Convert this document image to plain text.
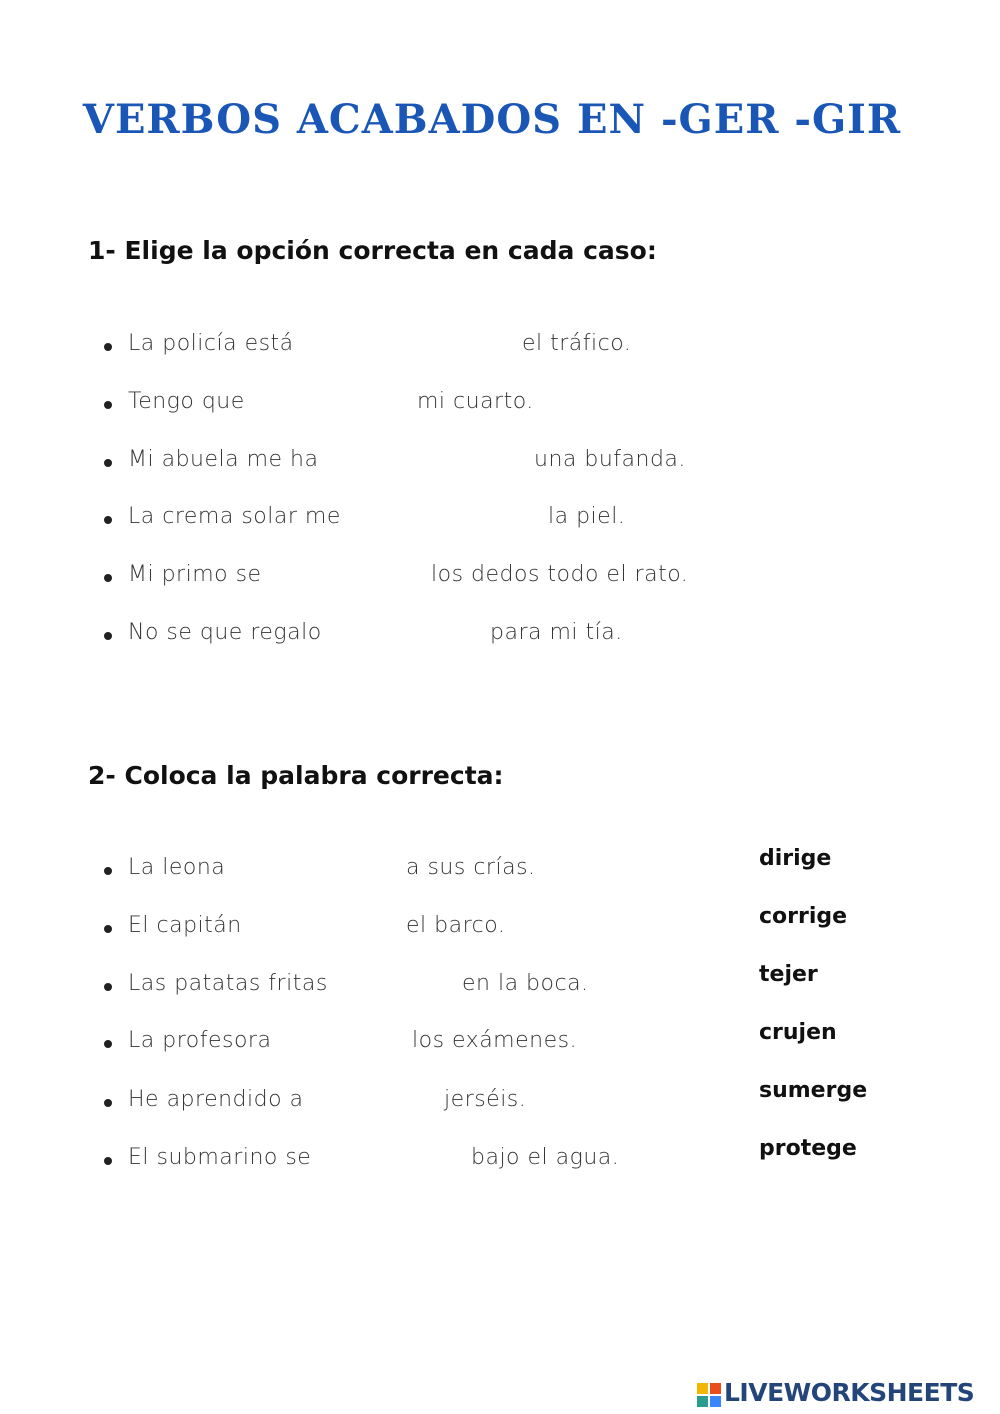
VERBOS ACABADOS EN -GER -GIR
1- Elige la opción correcta en cada caso:
La policía está	el tráfico.
Tengo que	mi cuarto.
Mi abuela me ha	una bufanda.
La crema solar me	la piel.
Mi primo se	los dedos todo el rato.
No se que regalo	para mi tía.
2- Coloca la palabra correcta:
La leona	a sus crías.
El capitán	el barco.
Las patatas fritas	en la boca.
La profesora	los exámenes.
He aprendido a	jerséis.
El submarino se	bajo el agua.
dirige
corrige
tejer
crujen
sumerge
protege
LIVEWORKSHEETS
